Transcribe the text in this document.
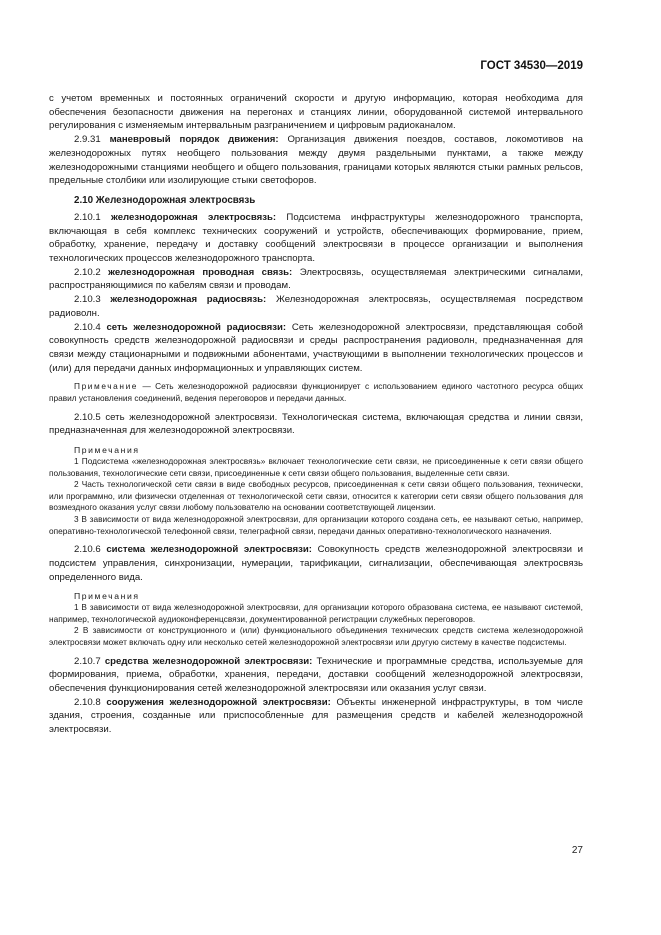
ГОСТ 34530—2019

с учетом временных и постоянных ограничений скорости и другую информацию, которая необходима для обеспечения безопасности движения на перегонах и станциях линии, оборудованной системой интервального регулирования с изменяемым интервальным разграничением и цифровым радиоканалом.

2.9.31 маневровый порядок движения: Организация движения поездов, составов, локомотивов на железнодорожных путях необщего пользования между двумя раздельными пунктами, а также между железнодорожными станциями необщего и общего пользования, границами которых являются стыки рамных рельсов, предельные столбики или изолирующие стыки светофоров.

2.10 Железнодорожная электросвязь

2.10.1 железнодорожная электросвязь: Подсистема инфраструктуры железнодорожного транспорта, включающая в себя комплекс технических сооружений и устройств, обеспечивающих формирование, прием, обработку, хранение, передачу и доставку сообщений электросвязи в процессе организации и выполнения технологических процессов железнодорожного транспорта.

2.10.2 железнодорожная проводная связь: Электросвязь, осуществляемая электрическими сигналами, распространяющимися по кабелям связи и проводам.

2.10.3 железнодорожная радиосвязь: Железнодорожная электросвязь, осуществляемая посредством радиоволн.

2.10.4 сеть железнодорожной радиосвязи: Сеть железнодорожной электросвязи, представляющая собой совокупность средств железнодорожной радиосвязи и среды распространения радиоволн, предназначенная для связи между стационарными и подвижными абонентами, участвующими в выполнении технологических процессов и (или) для передачи данных информационных и управляющих систем.

Примечание — Сеть железнодорожной радиосвязи функционирует с использованием единого частотного ресурса общих правил установления соединений, ведения переговоров и передачи данных.

2.10.5 сеть железнодорожной электросвязи. Технологическая система, включающая средства и линии связи, предназначенная для железнодорожной электросвязи.

Примечания

1 Подсистема «железнодорожная электросвязь» включает технологические сети связи, не присоединенные к сети связи общего пользования, технологические сети связи, присоединенные к сети связи общего пользования, выделенные сети связи.

2 Часть технологической сети связи в виде свободных ресурсов, присоединенная к сети связи общего пользования, технически, или программно, или физически отделенная от технологической сети связи, относится к категории сети связи общего пользования для возмездного оказания услуг связи любому пользователю на основании соответствующей лицензии.

3 В зависимости от вида железнодорожной электросвязи, для организации которого создана сеть, ее называют сетью, например, оперативно-технологической телефонной связи, телеграфной связи, передачи данных оперативно-технологического назначения.

2.10.6 система железнодорожной электросвязи: Совокупность средств железнодорожной электросвязи и подсистем управления, синхронизации, нумерации, тарификации, сигнализации, обеспечивающая электросвязь определенного вида.

Примечания

1 В зависимости от вида железнодорожной электросвязи, для организации которого образована система, ее называют системой, например, технологической аудиоконференцсвязи, документированной регистрации служебных переговоров.

2 В зависимости от конструкционного и (или) функционального объединения технических средств система железнодорожной электросвязи может включать одну или несколько сетей железнодорожной электросвязи или другую систему в качестве подсистемы.

2.10.7 средства железнодорожной электросвязи: Технические и программные средства, используемые для формирования, приема, обработки, хранения, передачи, доставки сообщений железнодорожной электросвязи, обеспечения функционирования сетей железнодорожной электросвязи или оказания услуг связи.

2.10.8 сооружения железнодорожной электросвязи: Объекты инженерной инфраструктуры, в том числе здания, строения, созданные или приспособленные для размещения средств и кабелей железнодорожной электросвязи.

27
